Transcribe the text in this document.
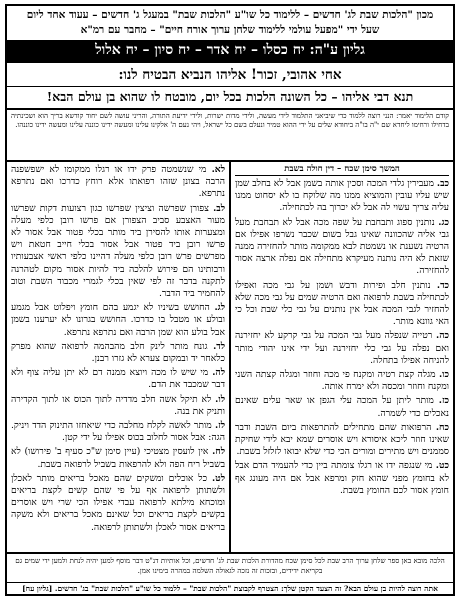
מכון "הלכות שבת לג' חדשים – ללימוד כל שו"ע "הלכות שבת" במעגל ג' חדשים – עעוד אחד ליום
שעל ידי "מפעל עולמי ללימוד שלחן ערוך אורח חיים" – מחבר עם רמ"א
גליון ע"ה: יח כסלו – יח אדר – יח סיון – יח אלול
אחי אהובי, זכור! אליהו הנביא הבטיח לנו:
תנא דבי אליהו – כל השונה הלכות בכל יום, מובטח לו שהוא בן עולם הבא!
קודם הלימוד יאמר: הנני רוצה ללמוד כדי שיביאני התלמוד לידי מעשה, ולידי מדות ישרות, ולידי ידיעת התורה, והריני עושה לשם יחוד קודשא בריך הוא ושכינתיה בדחילו ורחימו ליחדא שם י"ה בו"ה ביחודא שלים על ידי ההוא טמיר ונעלם בשם כל ישראל, ויהי נעם ה' אלקינו עלינו ומעשה ידינו כוננה עלינו ומעשה ידינו כוננהו.
המשך סימן שכח – דין חולה בשבת
כב. מעבירין גלדי המכה וסכין אותה בשמן אבל לא בחלב שמן שיש עליו עובין והמוציא ממנו מה שלוקח בו לא יסחוט ממנו עליה צריך עשוי לה אבל לא יכרוך בה לכתחילה.
כג. נותנין ספוג ותבחבת על שפה מכה אבל לא תבחבת מעל גבי אליה שהכוונה שאינו גבל בשום שכבר נשרפו אפילו אם הרטיה נשענת או נשמטת לבא ממקומה מותר להחזירה ממנה שזאת לא היה נותנה מעיקרא מתחילה אם נפלה ארצה אסור להחזירה.
כד. נותנין חלב ופירות ודבש ושמן על גבי מכה ואפילו לכתחילה בשבת לרפואה ואם הרטיה שמים על גבי מכה שלא להחזיר לגבי המכה אבל אין נותנים על גבי כלי שבת וכל כי האי גוונא מותר.
כה. רטייה שנפלה מעל גבי המכה על גבי קרקע לא יחזירנה ואם נפלה על גבי כלי יחזירנה ועל ידי אינו יהודי מותר להניחה אפילו בתחלה.
כו. מגלה קצת רטיה ומקנח פי מכה וחוזר ומגלה קצתה השני ומקנח וחוזר ומכסה ולא ימרח אותה.
כז. מותר ליתן על המכה עלי הגפן או שאר עלים שאינם נאכלים כדי לשמרה.
כח. הרפואות שהם מתחילים להתרפאות ביום השבת ודבר שאינו חוזר ליכא איסורא ויש אוסרים שמא יבא לידי שחיקת סממנים ויש מתירים ומורים הכי כדי שלא יבואו לזלזל בשבת.
כט. מי שנגפה ידו או רגלו צומתה ביין כדי להעמיד הדם אבל לא בחומץ מפני שהוא חזק ומרפא אבל אם היה מעונג אף חומץ אסור לכם החומץ בשבת.
לא. מי שנשמטה פרק ידו או רגלו ממקומו לא ישפשפנה הרבה בצונן שזהו רפואתו אלא רוחץ כדרכו ואם נתרפא נתרפא.
לב. צפורן שפרשה וציצין שפרשו כגון רצועות דקות שפרשו מעור האצבע סביב הצפורן אם פרשו רובן כלפי מעלה ומצערות אותו להסירן ביד מותר בכלי פטור אבל אסור לא פרשו רובן ביד פטור אבל אסור בכלי חייב חטאת ויש מפרשים פרש רובן כלפי מעלה דהיינו כלפי ראשי אצבעותיו ורבותינו הם פירוש להלכה ביד להיות אסור מקום לטהרנה לתקנה בדבר זה לפי שאין בכלי לגמרי מכבוד השבת וטוב להחמיר ביד הדבר.
לג. החושש בשיניו לא יגמע בהם חומץ ויפלוט אבל מגמע ובולע או מטבל בו כדרכו. החושש בגרונו לא יערענו בשמן אבל בולע הוא שמן הרבה ואם נתרפא נתרפא.
לד. גונח מותר לינק חלב מהבהמה לרפואה שהוא מפרק כלאחר יד ובמקום צערא לא גזרו רבנן.
לה. מי שיש לו מכה ויוצא ממנה דם לא יתן עליה צוף ולא דבר שמכבד את הדם.
לו. לא תיקל אשה חלב מדדיה לתוך הכוס או לתוך הקדירה ותניק את בנה.
לז. מותר לאשה לקלח מחלבה כדי שיאחזו התינוק הדד ויניק. הגה: אבל אסור לחלוב בכוס אפילו על ידי קטן.
לח. אין לועסין מצטיכי (עיין סימן ש"כ סעיף ב' פירושו) לא בשביל ריח הפה ולא להרפאות בשביל לרפואה בשבת.
לט. כל אוכלים ומשקים שהם מאכל בריאים מותר לאכלן ולשתותן לרפואה אף על פי שהם קשים לקצת בריאים ומוכחא מילתא לרפואה עבדי אפילו הכי שרי ויש אוסרים בקשים לקצת בריאים וכל שאינם מאכל בריאים ולא משקה בריאים אסור לאכלן ולשתותן לרפואה.
הלכה מובא באן ספר שלחן ערוך הרב שבת לכל סימן שכח מהדורת הלכות שבת לג' חדשים, וכל אותיות דנ"ט דבר מוסף למען יהיה לנחת ולמען ידי שמים גם בקריאת ידידים, ובזכות זה נזכה לגאולה השלמה במהרה בימינו אמן.
אתה רוצה להיות בן עולם הבא? זה הצעד הקטן שלך: הצטרף לקבוצת "הלכות שבת" – ללמוד כל שו"ע "הלכות שבת" בג' חדשים. [גליון עח]
